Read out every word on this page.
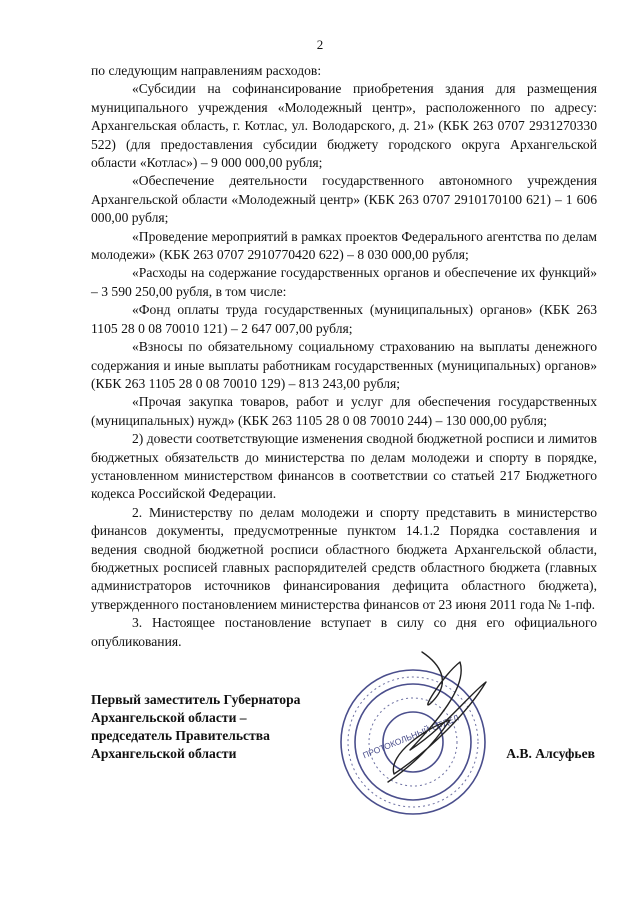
2

по следующим направлениям расходов:

«Субсидии на софинансирование приобретения здания для размещения муниципального учреждения «Молодежный центр», расположенного по адресу: Архангельская область, г. Котлас, ул. Володарского, д. 21» (КБК 263 0707 2931270330 522) (для предоставления субсидии бюджету городского округа Архангельской области «Котлас») – 9 000 000,00 рубля;

«Обеспечение деятельности государственного автономного учреждения Архангельской области «Молодежный центр» (КБК 263 0707 2910170100 621) – 1 606 000,00 рубля;

«Проведение мероприятий в рамках проектов Федерального агентства по делам молодежи» (КБК 263 0707 2910770420 622) – 8 030 000,00 рубля;

«Расходы на содержание государственных органов и обеспечение их функций» – 3 590 250,00 рубля, в том числе:

«Фонд оплаты труда государственных (муниципальных) органов» (КБК 263 1105 28 0 08 70010 121) – 2 647 007,00 рубля;

«Взносы по обязательному социальному страхованию на выплаты денежного содержания и иные выплаты работникам государственных (муниципальных) органов» (КБК 263 1105 28 0 08 70010 129) – 813 243,00 рубля;

«Прочая закупка товаров, работ и услуг для обеспечения государственных (муниципальных) нужд» (КБК 263 1105 28 0 08 70010 244) – 130 000,00 рубля;

2) довести соответствующие изменения сводной бюджетной росписи и лимитов бюджетных обязательств до министерства по делам молодежи и спорту в порядке, установленном министерством финансов в соответствии со статьей 217 Бюджетного кодекса Российской Федерации.

2. Министерству по делам молодежи и спорту представить в министерство финансов документы, предусмотренные пунктом 14.1.2 Порядка составления и ведения сводной бюджетной росписи областного бюджета Архангельской области, бюджетных росписей главных распорядителей средств областного бюджета (главных администраторов источников финансирования дефицита областного бюджета), утвержденного постановлением министерства финансов от 23 июня 2011 года № 1-пф.

3. Настоящее постановление вступает в силу со дня его официального опубликования.

Первый заместитель Губернатора
Архангельской области –
председатель Правительства
Архангельской области	ПРОТОКОЛЬНЫЙ ОТДЕЛ	А.В. Алсуфьев
